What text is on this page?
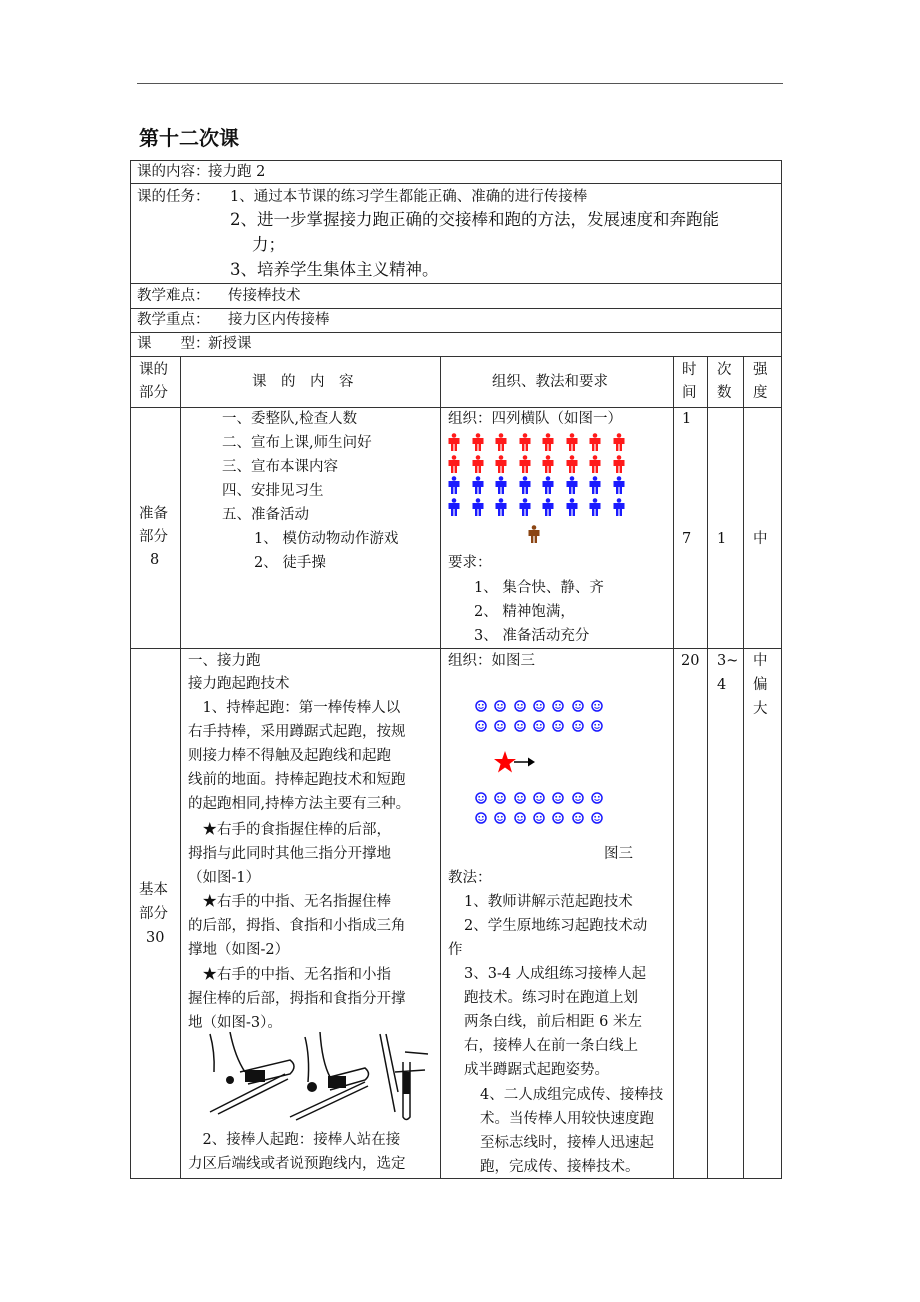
第十二次课
课的内容：
接力跑 2
课的任务： 1、通过本节课的练习学生都能正确、准确的进行传接棒
2、进一步掌握接力跑正确的交接棒和跑的方法，发展速度和奔跑能
力；
3、培养学生集体主义精神。
教学难点： 传接棒技术
教学重点： 接力区内传接棒
课　　型：
新授课
课的
部分
课　的　内　容	组织、教法和要求
时
间
次
数
强
度
准备
部分
8
一、委整队,检查人数
二、宣布上课,师生问好
三、宣布本课内容
四、安排见习生
五、准备活动
1、 模仿动物动作游戏
2、 徒手操
组织：四列横队（如图一）
要求：
1、 集合快、静、齐
2、 精神饱满，
3、 准备活动充分
1
7 1 中
基本
部分
30
一、接力跑
接力跑起跑技术
　1、持棒起跑：第一棒传棒人以
右手持棒，采用蹲踞式起跑，按规
则接力棒不得触及起跑线和起跑
线前的地面。持棒起跑技术和短跑
的起跑相同,持棒方法主要有三种。
　★右手的食指握住棒的后部，
拇指与此同时其他三指分开撑地
（如图-1）
　★右手的中指、无名指握住棒
的后部，拇指、食指和小指成三角
撑地（如图-2）
　★右手的中指、无名指和小指
握住棒的后部，拇指和食指分开撑
地（如图-3）。
　2、接棒人起跑：接棒人站在接
力区后端线或者说预跑线内，选定
组织：如图三
图三
教法：
1、教师讲解示范起跑技术
2、学生原地练习起跑技术动
作
3、3-4 人成组练习接棒人起
跑技术。练习时在跑道上划
两条白线，前后相距 6 米左
右，接棒人在前一条白线上
成半蹲踞式起跑姿势。
4、二人成组完成传、接棒技
术。当传棒人用较快速度跑
至标志线时，接棒人迅速起
跑，完成传、接棒技术。
20 3~
4
中
偏
大
